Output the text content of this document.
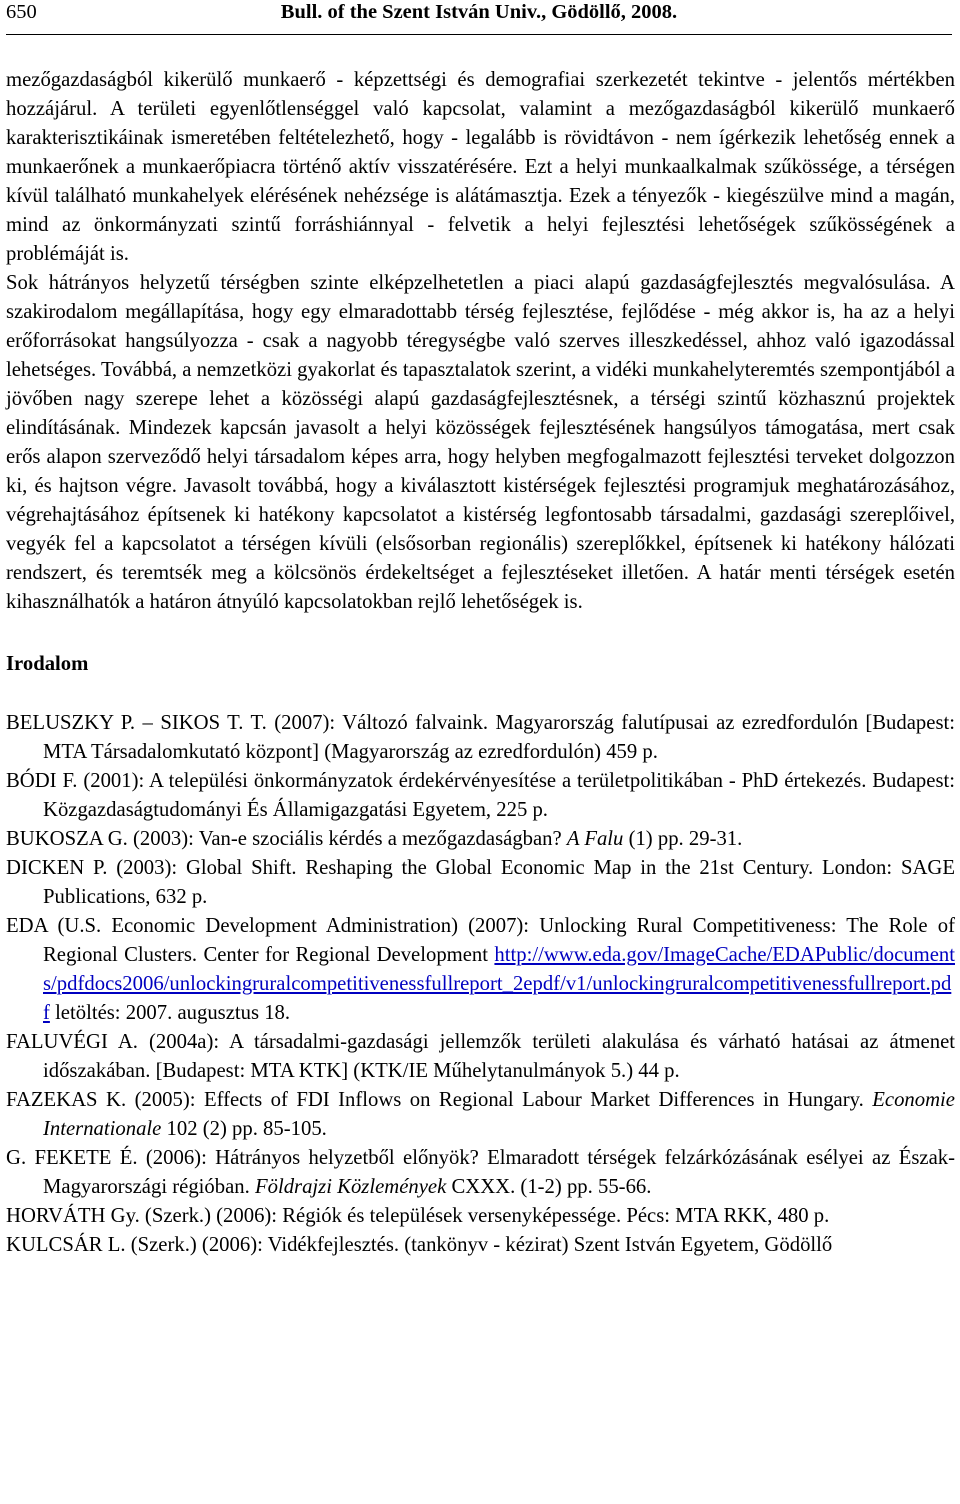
650	Bull. of the Szent István Univ., Gödöllő, 2008.

mezőgazdaságból kikerülő munkaerő - képzettségi és demografiai szerkezetét tekintve - jelentős mértékben hozzájárul. A területi egyenlőtlenséggel való kapcsolat, valamint a mezőgazdaságból kikerülő munkaerő karakterisztikáinak ismeretében feltételezhető, hogy - legalább is rövidtávon - nem ígérkezik lehetőség ennek a munkaerőnek a munkaerőpiacra történő aktív visszatérésére. Ezt a helyi munkaalkalmak szűkössége, a térségen kívül található munkahelyek elérésének nehézsége is alátámasztja. Ezek a tényezők - kiegészülve mind a magán, mind az önkormányzati szintű forráshiánnyal - felvetik a helyi fejlesztési lehetőségek szűkösségének a problémáját is.

Sok hátrányos helyzetű térségben szinte elképzelhetetlen a piaci alapú gazdaságfejlesztés megvalósulása. A szakirodalom megállapítása, hogy egy elmaradottabb térség fejlesztése, fejlődése - még akkor is, ha az a helyi erőforrásokat hangsúlyozza - csak a nagyobb téregységbe való szerves illeszkedéssel, ahhoz való igazodással lehetséges. Továbbá, a nemzetközi gyakorlat és tapasztalatok szerint, a vidéki munkahelyteremtés szempontjából a jövőben nagy szerepe lehet a közösségi alapú gazdaságfejlesztésnek, a térségi szintű közhasznú projektek elindításának. Mindezek kapcsán javasolt a helyi közösségek fejlesztésének hangsúlyos támogatása, mert csak erős alapon szerveződő helyi társadalom képes arra, hogy helyben megfogalmazott fejlesztési terveket dolgozzon ki, és hajtson végre. Javasolt továbbá, hogy a kiválasztott kistérségek fejlesztési programjuk meghatározásához, végrehajtásához építsenek ki hatékony kapcsolatot a kistérség legfontosabb társadalmi, gazdasági szereplőivel, vegyék fel a kapcsolatot a térségen kívüli (elsősorban regionális) szereplőkkel, építsenek ki hatékony hálózati rendszert, és teremtsék meg a kölcsönös érdekeltséget a fejlesztéseket illetően. A határ menti térségek esetén kihasználhatók a határon átnyúló kapcsolatokban rejlő lehetőségek is.

Irodalom

BELUSZKY P. – SIKOS T. T. (2007): Változó falvaink. Magyarország falutípusai az ezredfordulón [Budapest: MTA Társadalomkutató központ] (Magyarország az ezredfordulón) 459 p.

BÓDI F. (2001): A települési önkormányzatok érdekérvényesítése a területpolitikában - PhD értekezés. Budapest: Közgazdaságtudományi És Államigazgatási Egyetem, 225 p.

BUKOSZA G. (2003): Van-e szociális kérdés a mezőgazdaságban? A Falu (1) pp. 29-31.

DICKEN P. (2003): Global Shift. Reshaping the Global Economic Map in the 21st Century. London: SAGE Publications, 632 p.

EDA (U.S. Economic Development Administration) (2007): Unlocking Rural Competitiveness: The Role of Regional Clusters. Center for Regional Development http://www.eda.gov/ImageCache/EDAPublic/documents/pdfdocs2006/unlockingruralcompetitivenessfullreport_2epdf/v1/unlockingruralcompetitivenessfullreport.pdf letöltés: 2007. augusztus 18.

FALUVÉGI A. (2004a): A társadalmi-gazdasági jellemzők területi alakulása és várható hatásai az átmenet időszakában. [Budapest: MTA KTK] (KTK/IE Műhelytanulmányok 5.) 44 p.

FAZEKAS K. (2005): Effects of FDI Inflows on Regional Labour Market Differences in Hungary. Economie Internationale 102 (2) pp. 85-105.

G. FEKETE É. (2006): Hátrányos helyzetből előnyök? Elmaradott térségek felzárkózásának esélyei az Észak-Magyarországi régióban. Földrajzi Közlemények CXXX. (1-2) pp. 55-66.

HORVÁTH Gy. (Szerk.) (2006): Régiók és települések versenyképessége. Pécs: MTA RKK, 480 p.

KULCSÁR L. (Szerk.) (2006): Vidékfejlesztés. (tankönyv - kézirat) Szent István Egyetem, Gödöllő
